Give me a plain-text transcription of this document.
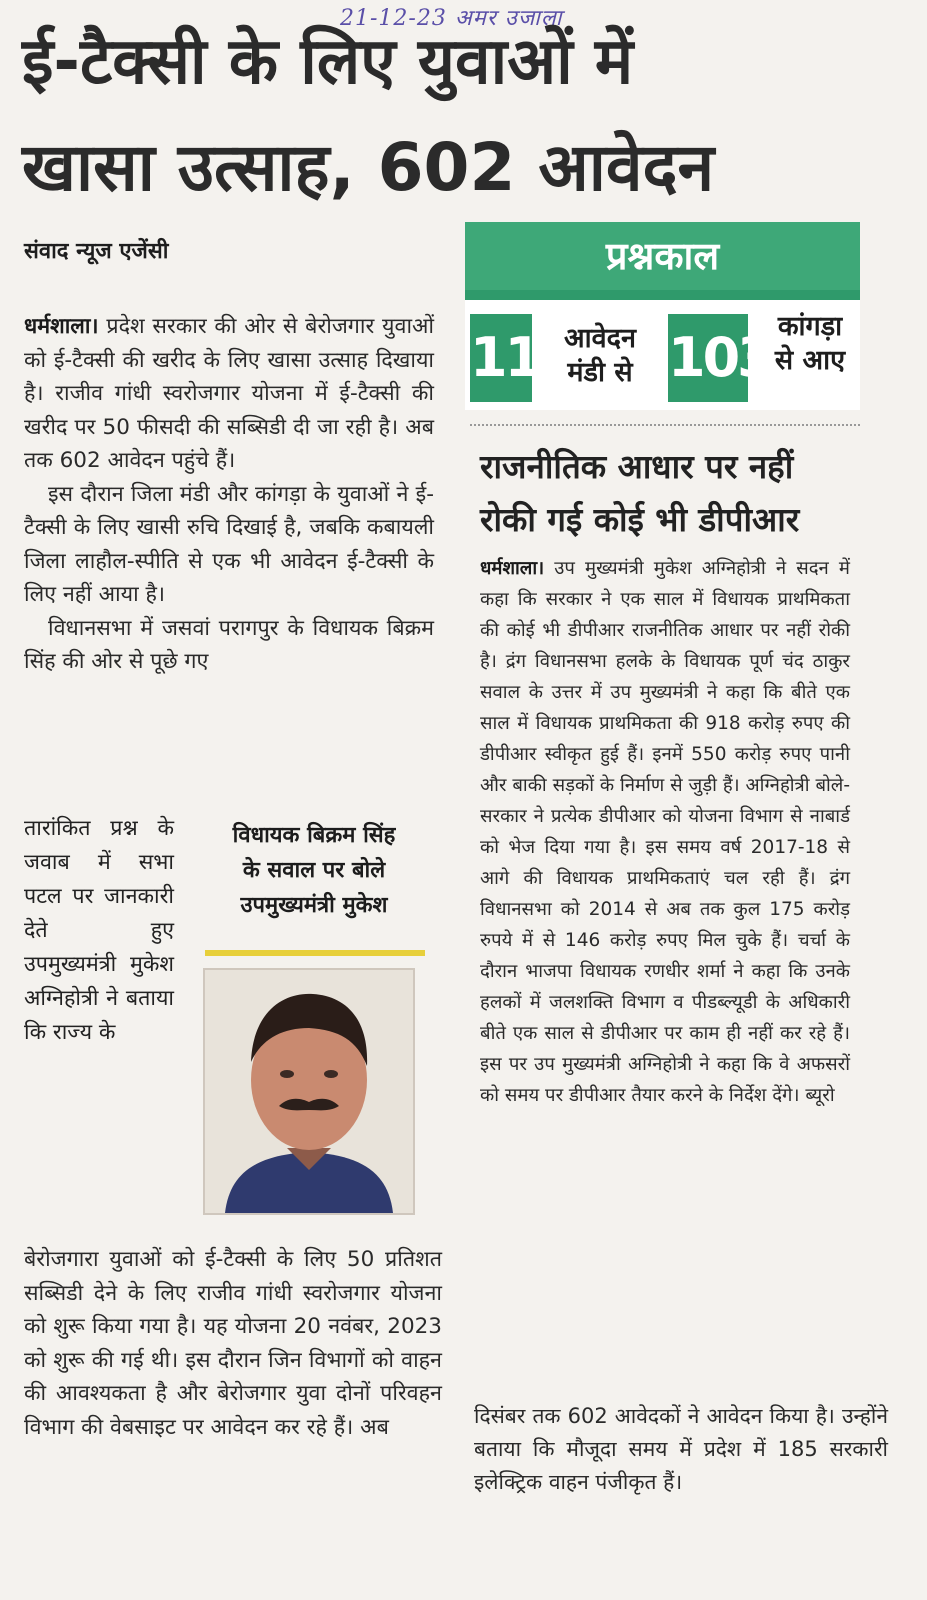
21-12-23 अमर उजाला
ई-टैक्सी के लिए युवाओं में
खासा उत्साह, 602 आवेदन
संवाद न्यूज एजेंसी

धर्मशाला। प्रदेश सरकार की ओर से बेरोजगार युवाओं को ई-टैक्सी की खरीद के लिए खासा उत्साह दिखाया है। राजीव गांधी स्वरोजगार योजना में ई-टैक्सी की खरीद पर 50 फीसदी की सब्सिडी दी जा रही है। अब तक 602 आवेदन पहुंचे हैं।

इस दौरान जिला मंडी और कांगड़ा के युवाओं ने ई-टैक्सी के लिए खासी रुचि दिखाई है, जबकि कबायली जिला लाहौल-स्पीति से एक भी आवेदन ई-टैक्सी के लिए नहीं आया है।

विधानसभा में जसवां परागपुर के विधायक बिक्रम सिंह की ओर से पूछे गए

तारांकित प्रश्न के जवाब में सभा पटल पर जानकारी देते हुए उपमुख्यमंत्री मुकेश अग्निहोत्री ने बताया कि राज्य के
विधायक बिक्रम सिंह
के सवाल पर बोले
उपमुख्यमंत्री मुकेश
बेरोजगारा युवाओं को ई-टैक्सी के लिए 50 प्रतिशत सब्सिडी देने के लिए राजीव गांधी स्वरोजगार योजना को शुरू किया गया है। यह योजना 20 नवंबर, 2023 को शुरू की गई थी। इस दौरान जिन विभागों को वाहन की आवश्यकता है और बेरोजगार युवा दोनों परिवहन विभाग की वेबसाइट पर आवेदन कर रहे हैं। अब
प्रश्नकाल
113
आवेदन
मंडी से 103 कांगड़ा
से आए
राजनीतिक आधार पर नहीं
रोकी गई कोई भी डीपीआर
धर्मशाला। उप मुख्यमंत्री मुकेश अग्निहोत्री ने सदन में कहा कि सरकार ने एक साल में विधायक प्राथमिकता की कोई भी डीपीआर राजनीतिक आधार पर नहीं रोकी है। द्रंग विधानसभा हलके के विधायक पूर्ण चंद ठाकुर सवाल के उत्तर में उप मुख्यमंत्री ने कहा कि बीते एक साल में विधायक प्राथमिकता की 918 करोड़ रुपए की डीपीआर स्वीकृत हुई हैं। इनमें 550 करोड़ रुपए पानी और बाकी सड़कों के निर्माण से जुड़ी हैं। अग्निहोत्री बोले-सरकार ने प्रत्येक डीपीआर को योजना विभाग से नाबार्ड को भेज दिया गया है। इस समय वर्ष 2017-18 से आगे की विधायक प्राथमिकताएं चल रही हैं। द्रंग विधानसभा को 2014 से अब तक कुल 175 करोड़ रुपये में से 146 करोड़ रुपए मिल चुके हैं। चर्चा के दौरान भाजपा विधायक रणधीर शर्मा ने कहा कि उनके हलकों में जलशक्ति विभाग व पीडब्ल्यूडी के अधिकारी बीते एक साल से डीपीआर पर काम ही नहीं कर रहे हैं। इस पर उप मुख्यमंत्री अग्निहोत्री ने कहा कि वे अफसरों को समय पर डीपीआर तैयार करने के निर्देश देंगे। ब्यूरो
दिसंबर तक 602 आवेदकों ने आवेदन किया है। उन्होंने बताया कि मौजूदा समय में प्रदेश में 185 सरकारी इलेक्ट्रिक वाहन पंजीकृत हैं।
